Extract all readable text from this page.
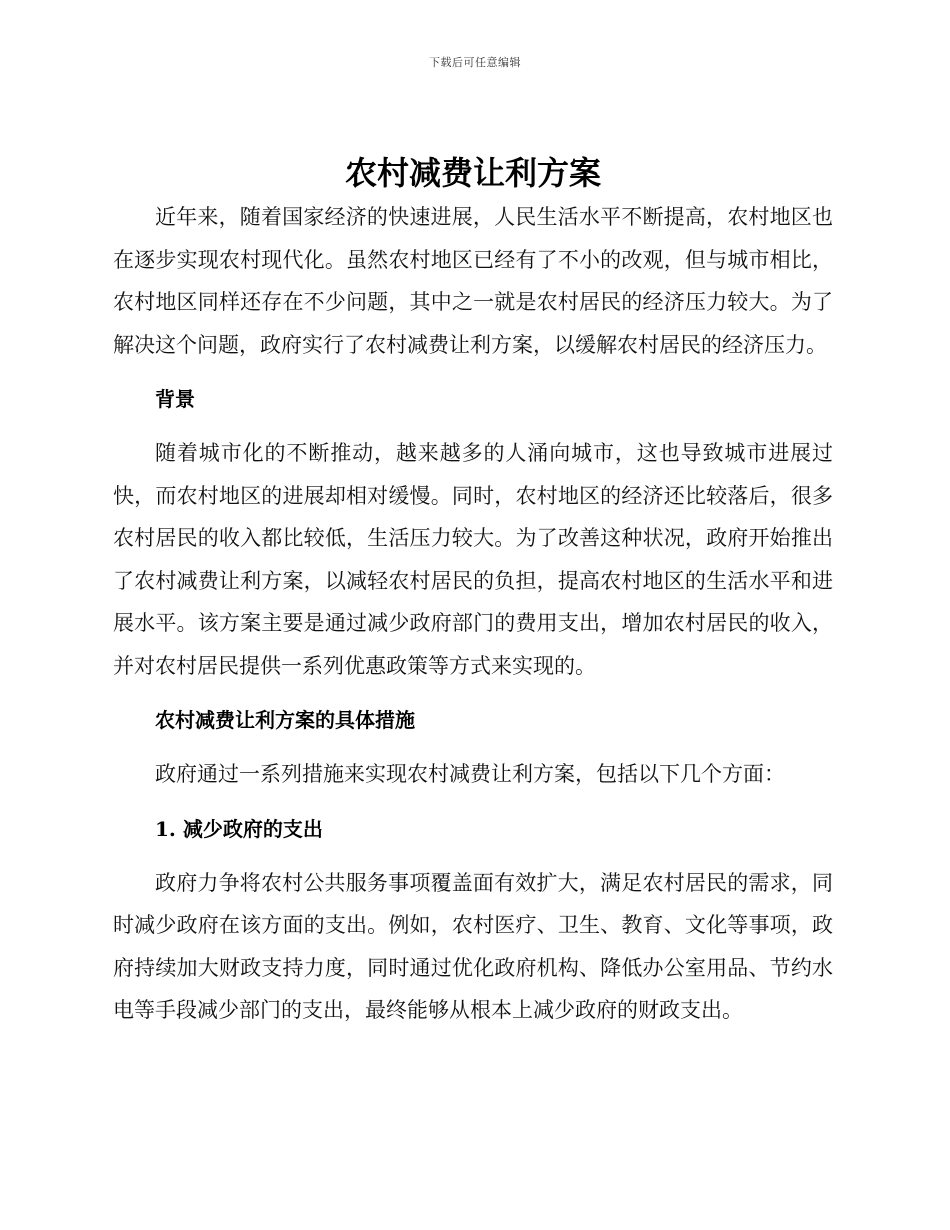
下载后可任意编辑
农村减费让利方案

近年来，随着国家经济的快速进展，人民生活水平不断提高，农村地区也在逐步实现农村现代化。虽然农村地区已经有了不小的改观，但与城市相比，农村地区同样还存在不少问题，其中之一就是农村居民的经济压力较大。为了解决这个问题，政府实行了农村减费让利方案，以缓解农村居民的经济压力。

背景

随着城市化的不断推动，越来越多的人涌向城市，这也导致城市进展过快，而农村地区的进展却相对缓慢。同时，农村地区的经济还比较落后，很多农村居民的收入都比较低，生活压力较大。为了改善这种状况，政府开始推出了农村减费让利方案，以减轻农村居民的负担，提高农村地区的生活水平和进展水平。该方案主要是通过减少政府部门的费用支出，增加农村居民的收入，并对农村居民提供一系列优惠政策等方式来实现的。

农村减费让利方案的具体措施

政府通过一系列措施来实现农村减费让利方案，包括以下几个方面：

1. 减少政府的支出

政府力争将农村公共服务事项覆盖面有效扩大，满足农村居民的需求，同时减少政府在该方面的支出。例如，农村医疗、卫生、教育、文化等事项，政府持续加大财政支持力度，同时通过优化政府机构、降低办公室用品、节约水电等手段减少部门的支出，最终能够从根本上减少政府的财政支出。
